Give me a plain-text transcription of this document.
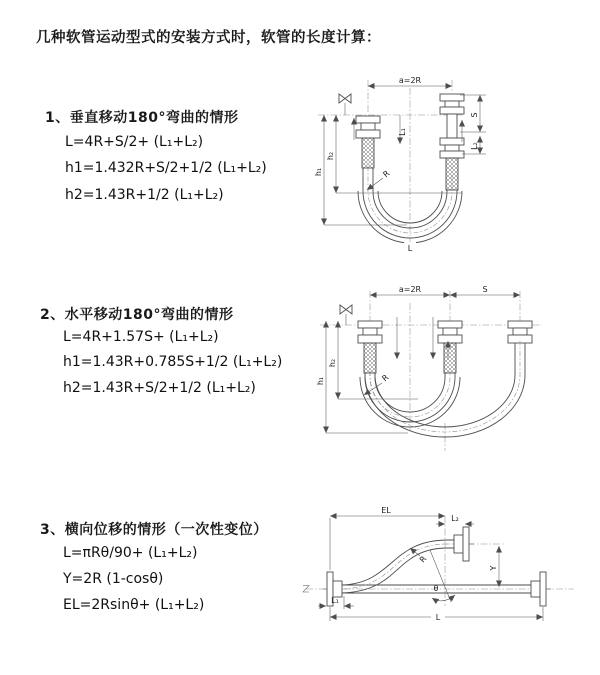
几种软管运动型式的安装方式时，软管的长度计算：
1、垂直移动180°弯曲的情形
L=4R+S/2+ (L₁+L₂)
h1=1.432R+S/2+1/2 (L₁+L₂)
h2=1.43R+1/2 (L₁+L₂)
2、水平移动180°弯曲的情形
L=4R+1.57S+ (L₁+L₂)
h1=1.43R+0.785S+1/2 (L₁+L₂)
h2=1.43R+S/2+1/2 (L₁+L₂)
3、横向位移的情形（一次性变位）
L=πRθ/90+ (L₁+L₂)
Y=2R (1-cosθ)
EL=2Rsinθ+ (L₁+L₂)
a=2R
L₁
h₂
h₁
S
L₂
R
L
a=2R	S
h₂
h₁	R
EL
L₂
θ
R
Y
L₁
L
